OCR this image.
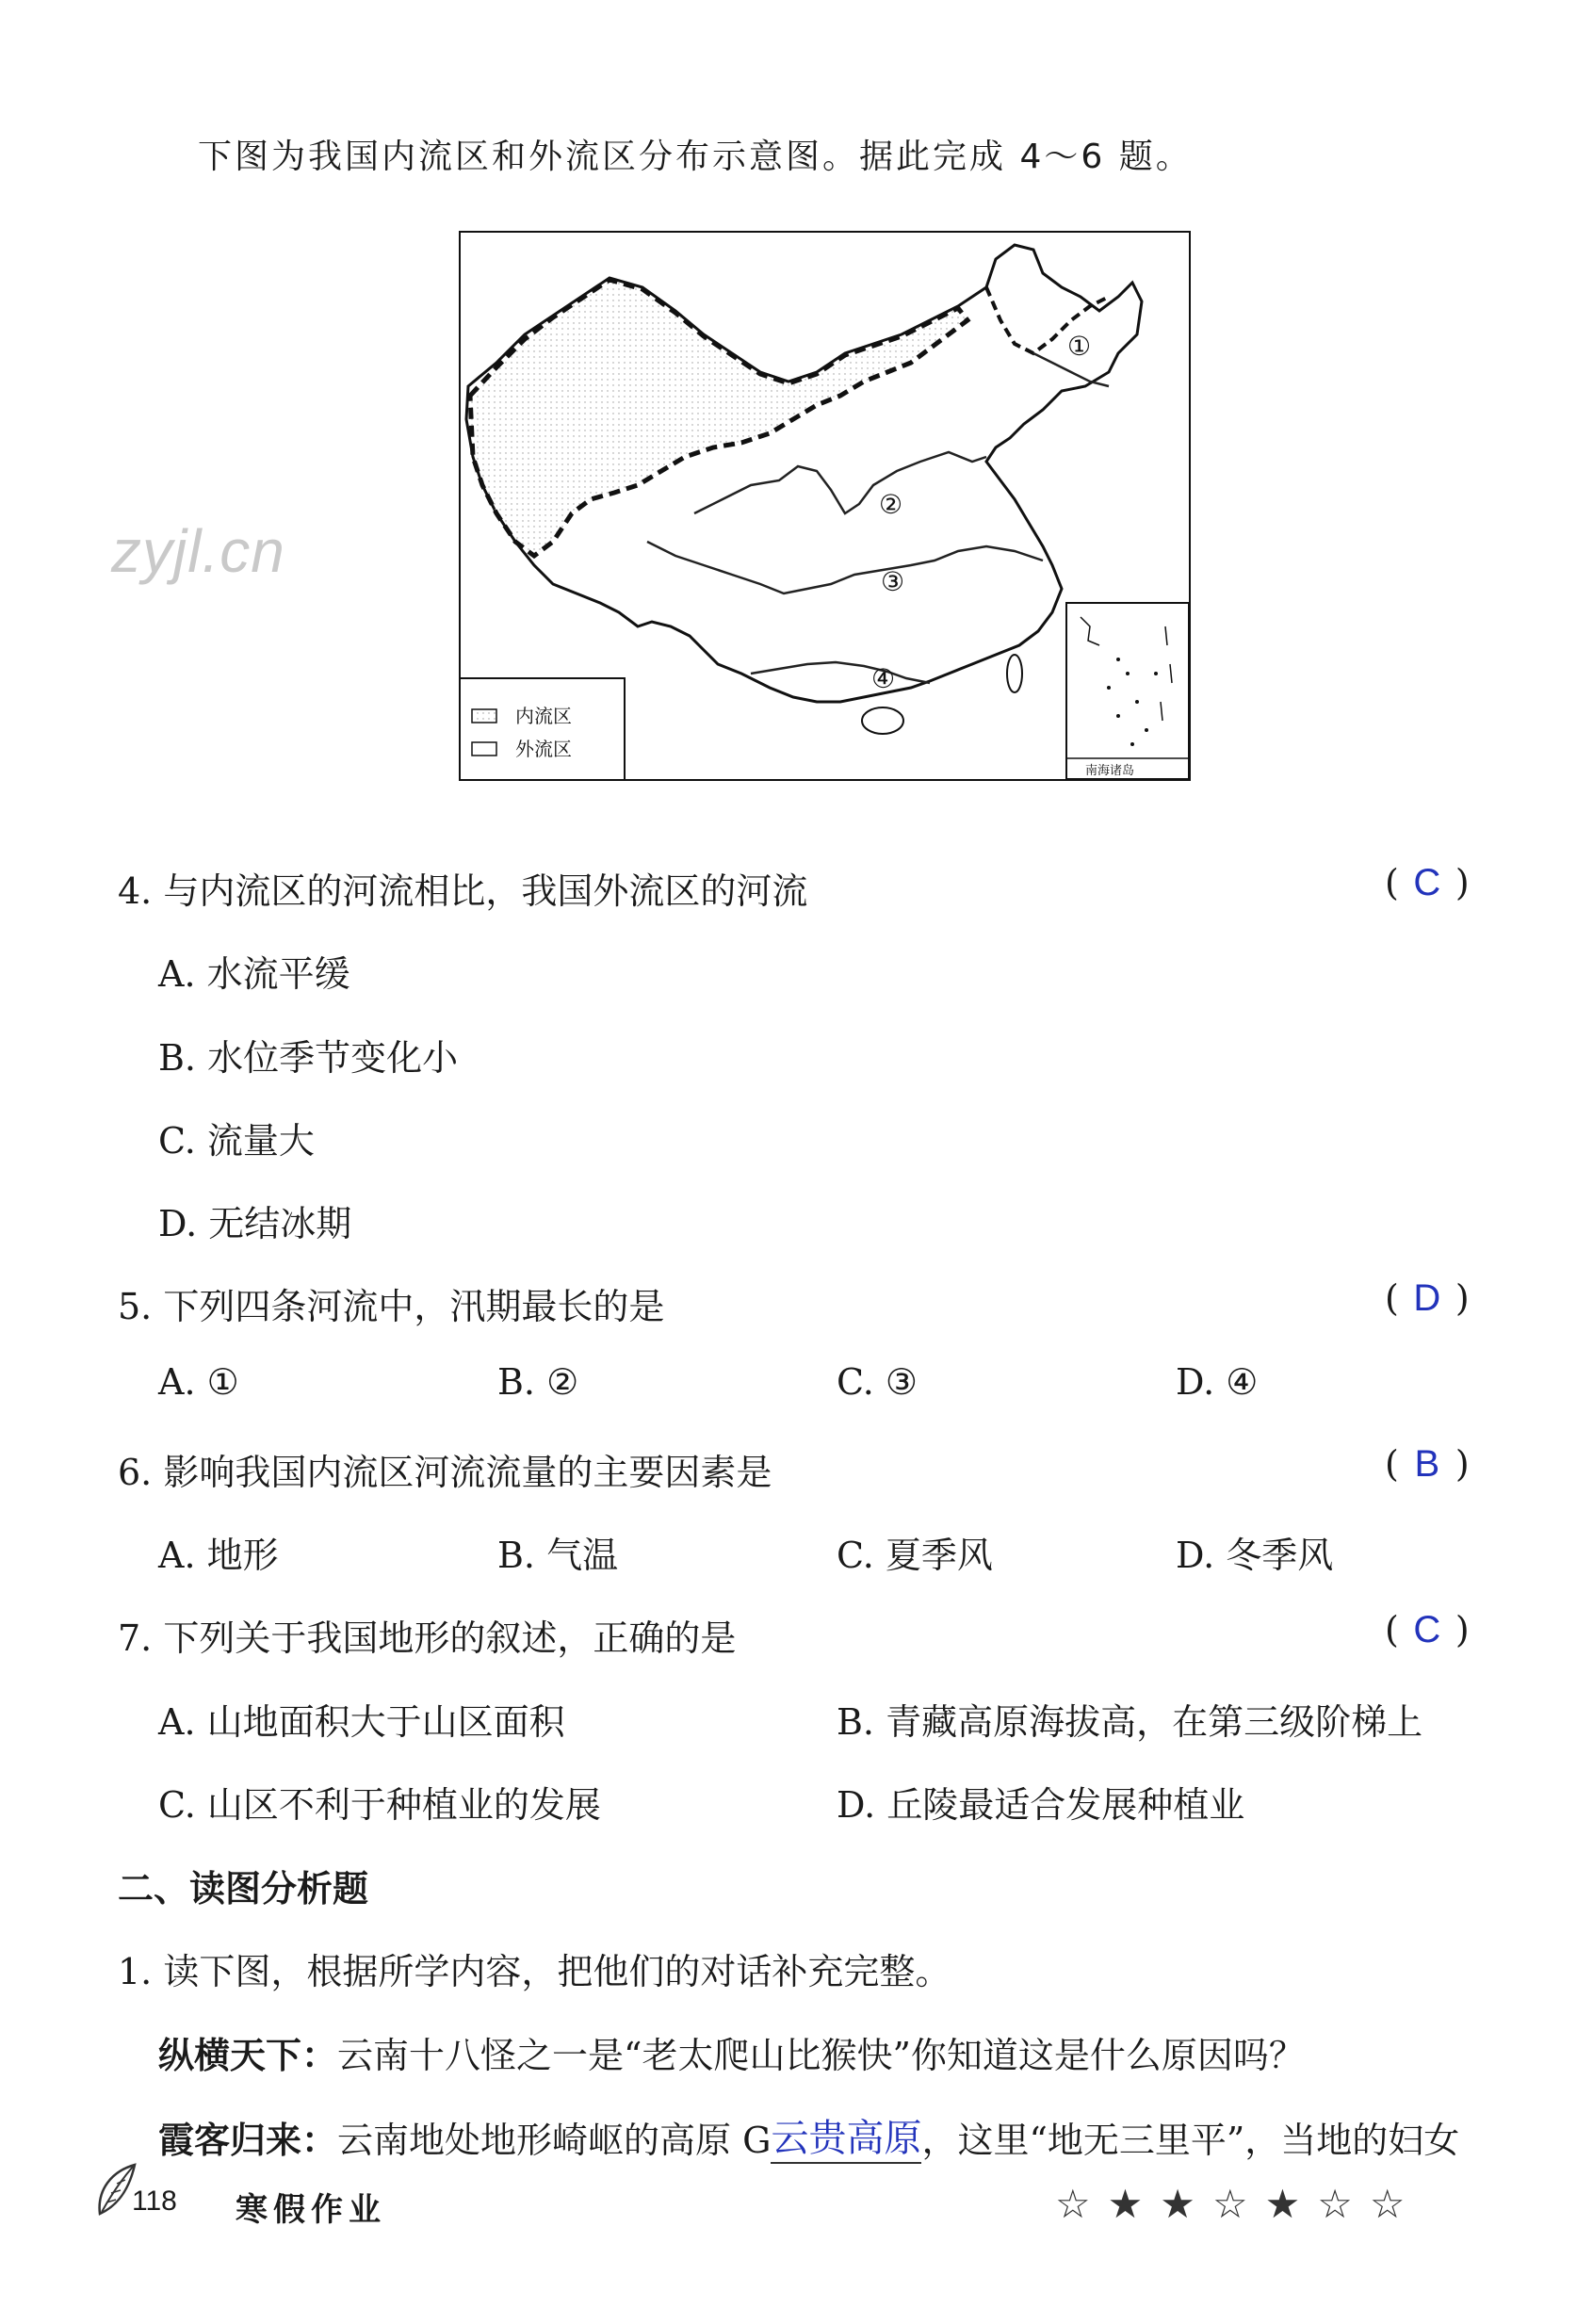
下图为我国内流区和外流区分布示意图。据此完成 4～6 题。
①
②
③
④
内流区
外流区
南海诸岛
zyjl.cn
4. 与内流区的河流相比，我国外流区的河流	( C )
A. 水流平缓
B. 水位季节变化小
C. 流量大
D. 无结冰期
5. 下列四条河流中，汛期最长的是	( D )
A. ①	B. ②	C. ③	D. ④
6. 影响我国内流区河流流量的主要因素是	( B )
A. 地形	B. 气温	C. 夏季风	D. 冬季风
7. 下列关于我国地形的叙述，正确的是	( C )
A. 山地面积大于山区面积	B. 青藏高原海拔高，在第三级阶梯上
C. 山区不利于种植业的发展	D. 丘陵最适合发展种植业
二、读图分析题
1. 读下图，根据所学内容，把他们的对话补充完整。
纵横天下：云南十八怪之一是“老太爬山比猴快”你知道这是什么原因吗？
霞客归来：云南地处地形崎岖的高原 G云贵高原，这里“地无三里平”，当地的妇女
118 寒假作业	☆★★☆★☆☆
